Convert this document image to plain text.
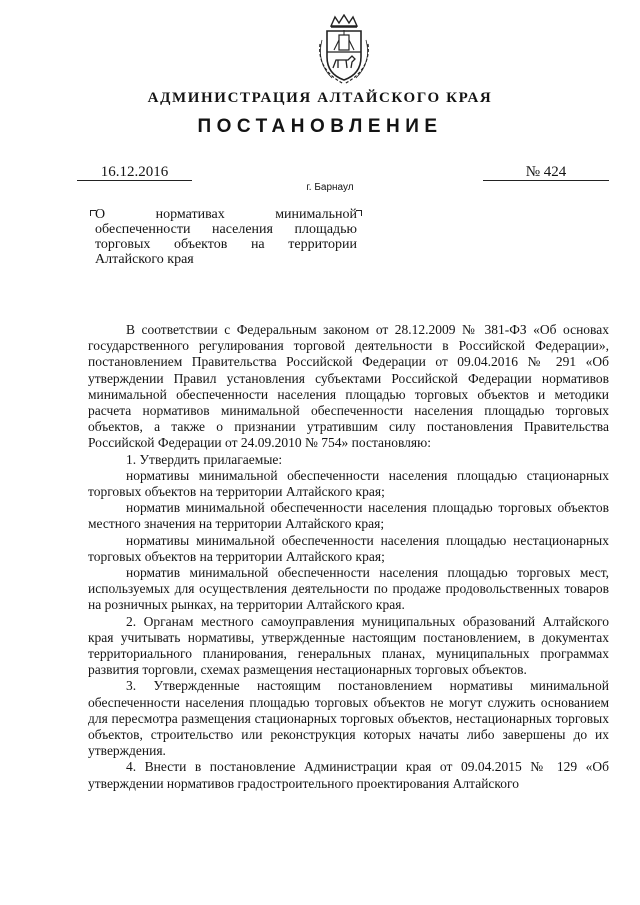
АДМИНИСТРАЦИЯ АЛТАЙСКОГО КРАЯ
ПОСТАНОВЛЕНИЕ
16.12.2016	№ 424
г. Барнаул
О нормативах минимальной обеспеченности населения площадью торговых объектов на территории Алтайского края

В соответствии с Федеральным законом от 28.12.2009 № 381-ФЗ «Об основах государственного регулирования торговой деятельности в Российской Федерации», постановлением Правительства Российской Федерации от 09.04.2016 № 291 «Об утверждении Правил установления субъектами Российской Федерации нормативов минимальной обеспеченности населения площадью торговых объектов и методики расчета нормативов минимальной обеспеченности населения площадью торговых объектов, а также о признании утратившим силу постановления Правительства Российской Федерации от 24.09.2010 № 754» постановляю:

1. Утвердить прилагаемые:

нормативы минимальной обеспеченности населения площадью стационарных торговых объектов на территории Алтайского края;

норматив минимальной обеспеченности населения площадью торговых объектов местного значения на территории Алтайского края;

нормативы минимальной обеспеченности населения площадью нестационарных торговых объектов на территории Алтайского края;

норматив минимальной обеспеченности населения площадью торговых мест, используемых для осуществления деятельности по продаже продовольственных товаров на розничных рынках, на территории Алтайского края.

2. Органам местного самоуправления муниципальных образований Алтайского края учитывать нормативы, утвержденные настоящим постановлением, в документах территориального планирования, генеральных планах, муниципальных программах развития торговли, схемах размещения нестационарных торговых объектов.

3. Утвержденные настоящим постановлением нормативы минимальной обеспеченности населения площадью торговых объектов не могут служить основанием для пересмотра размещения стационарных торговых объектов, нестационарных торговых объектов, строительство или реконструкция которых начаты либо завершены до их утверждения.

4. Внести в постановление Администрации края от 09.04.2015 № 129 «Об утверждении нормативов градостроительного проектирования Алтайского
